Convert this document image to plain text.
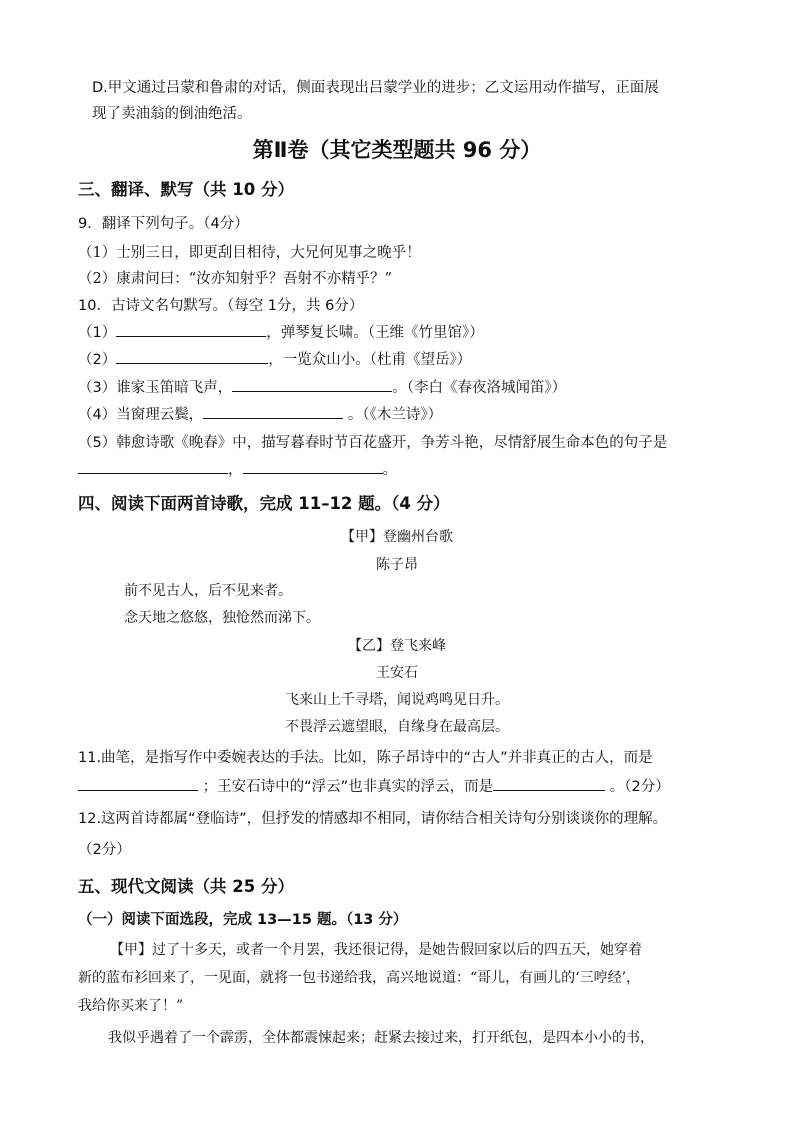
D.甲文通过吕蒙和鲁肃的对话，侧面表现出吕蒙学业的进步；乙文运用动作描写，正面展
现了卖油翁的倒油绝活。
第Ⅱ卷（其它类型题共 96 分）
三、翻译、默写（共 10 分）
9．翻译下列句子。（4分）
（1）士别三日，即更刮目相待，大兄何见事之晚乎！
（2）康肃问曰：“汝亦知射乎？吾射不亦精乎？”
10．古诗文名句默写。（每空 1分，共 6分）
（1）	，弹琴复长啸。（王维《竹里馆》）
（2）	，一览众山小。（杜甫《望岳》）
（3）谁家玉笛暗飞声，	。（李白《春夜洛城闻笛》）
（4）当窗理云鬓，	。（《木兰诗》）
（5）韩愈诗歌《晚春》中，描写暮春时节百花盛开，争芳斗艳，尽情舒展生命本色的句子是
，	。
四、阅读下面两首诗歌，完成 11–12 题。（4 分）
【甲】登幽州台歌
陈子昂
前不见古人，后不见来者。
念天地之悠悠，独怆然而涕下。
【乙】登飞来峰
王安石
飞来山上千寻塔，闻说鸡鸣见日升。
不畏浮云遮望眼，自缘身在最高层。
11.曲笔，是指写作中委婉表达的手法。比如，陈子昂诗中的“古人”并非真正的古人，而是
；王安石诗中的“浮云”也非真实的浮云，而是	。（2分）
12.这两首诗都属“登临诗”，但抒发的情感却不相同，请你结合相关诗句分别谈谈你的理解。
（2分）
五、现代文阅读（共 25 分）
（一）阅读下面选段，完成 13—15 题。（13 分）
【甲】过了十多天，或者一个月罢，我还很记得，是她告假回家以后的四五天，她穿着
新的蓝布衫回来了，一见面，就将一包书递给我，高兴地说道：“哥儿，有画儿的‘三哼经’，
我给你买来了！”
我似乎遇着了一个霹雳，全体都震悚起来；赶紧去接过来，打开纸包，是四本小小的书，
